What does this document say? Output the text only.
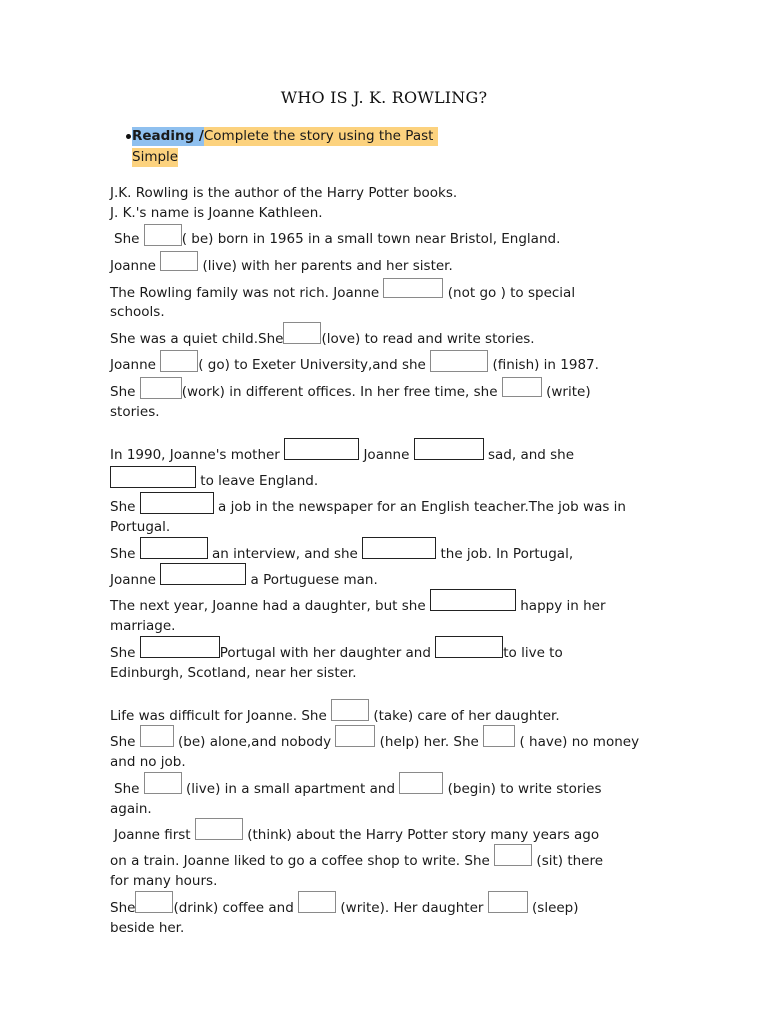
WHO IS J. K. ROWLING?
Reading /Complete the story using the Past
Simple
J.K. Rowling is the author of the Harry Potter books.
J. K.'s name is Joanne Kathleen.
She	( be) born in 1965 in a small town near Bristol, England.
Joanne	(live) with her parents and her sister.
The Rowling family was not rich. Joanne	(not go ) to special
schools.
She was a quiet child.She	(love) to read and write stories.
Joanne	( go) to Exeter University,and she	(finish) in 1987.
She	(work) in different offices. In her free time, she	(write)
stories.
In 1990, Joanne's mother	Joanne	sad, and she
to leave England.
She	a job in the newspaper for an English teacher.The job was in
Portugal.
She	an interview, and she	the job. In Portugal,
Joanne	a Portuguese man.
The next year, Joanne had a daughter, but she	happy in her
marriage.
She	Portugal with her daughter and	to live to
Edinburgh, Scotland, near her sister.
Life was difficult for Joanne. She	(take) care of her daughter.
She	(be) alone,and nobody	(help) her. She	( have) no money
and no job.
She	(live) in a small apartment and	(begin) to write stories
again.
Joanne first	(think) about the Harry Potter story many years ago
on a train. Joanne liked to go a coffee shop to write. She	(sit) there
for many hours.
She	(drink) coffee and	(write). Her daughter	(sleep)
beside her.
